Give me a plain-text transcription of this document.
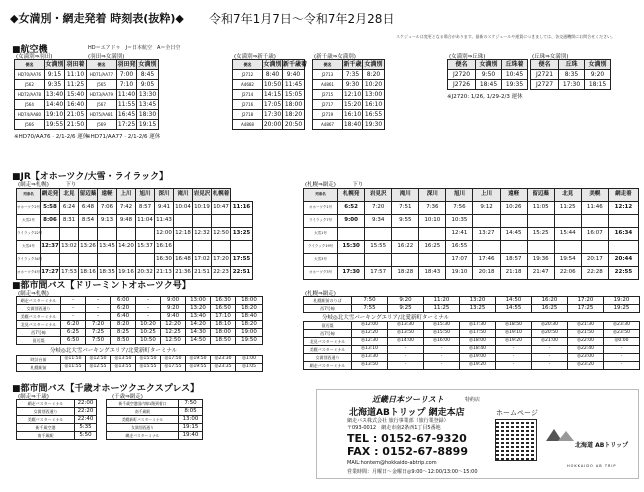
◆女満別・網走発着 時刻表(抜粋)◆ 令和7年1月7日～令和7年2月28日
スケジュールは変更となる場合があります。最新のスケジュールや運賃につきましては、各交通機関にお問合せください。
■航空機	HD＝エアドゥ　J＝日本航空　A＝全日空
(女満別⇒羽田)
便名	女満別	羽田着
HD70/AA76	9:15	11:10
J562	9:35	11:25
HD72/AA78	13:40	15:40
J564	14:40	16:40
HD74/AA80	19:10	21:05
J566	19:55	21:50
※HD70/AA76 · 2/1-2/6 運休
(羽田⇒女満別)
便名	羽田発	女満別
HD71/AA77	7:00	8:45
J565	7:10	9:05
HD73/AA79	11:40	13:30
J567	11:55	13:45
HD75/AA81	16:45	18:30
J569	17:25	19:15
※HD71/AA77 · 2/1-2/6 運休
(女満別⇒新千歳)
便名	女満別	新千歳着
J2712	8:40	9:40
A4682	10:50	11:45
J2714	14:15	15:05
J2716	17:05	18:00
J2718	17:30	18:20
A4868	20:00	20:50
(新千歳⇒女満別)
便名	新千歳	女満別
J2713	7:35	8:20
A4861	9:30	10:20
J2715	12:10	13:00
J2717	15:20	16:10
J2719	16:10	16:55
A4867	18:40	19:30
(女満別⇒丘珠)
便名	女満別	丘珠着
J2720	9:50	10:45
J2726	18:45	19:35
※J2720: 1/26, 1/29-2/3 運休
(丘珠⇒女満別)
便名	丘珠	女満別
J2721	8:35	9:20
J2727	17:30	18:15
■JR【オホーツク/大雪・ライラック】
(網走⇒札幌)　　　下り
列車名	網走発	北見	留辺蘂	遠軽	上川	旭川	深川	滝川	岩見沢	札幌着	
オホーツク2号	5:58	6:24	6:48	7:06	7:42	8:57	9:41	10:04	10:19	10:47	11:16
大雪2号	8:06	8:31	8:54	9:13	9:48	11:04	11:43				
ライラック22号							12:00	12:18	12:32	12:50	13:25
大雪4号	12:37	13:02	13:26	13:45	14:20	15:37	16:16				
ライラック34号							16:30	16:48	17:02	17:20	17:55
オホーツク4号	17:27	17:53	18:16	18:35	19:16	20:32	21:13	21:36	21:51	22:23	22:51
(札幌⇒網走)　　　下り
列車名	札幌発	岩見沢	滝川	深川	旭川	上川	遠軽	留辺蘂	北見	美幌	網走着
オホーツク1号	6:52	7:20	7:51	7:36	7:56	9:12	10:26	11:05	11:25	11:46	12:12
ライラック7号	9:00	9:34	9:55	10:10	10:35						
大雪1号					12:41	13:27	14:45	15:25	15:44	16:07	16:34
ライラック19号	15:30	15:55	16:22	16:25	16:55						
大雪3号					17:07	17:46	18:57	19:36	19:54	20:17	20:44
オホーツク3号	17:30	17:57	18:28	18:43	19:10	20:18	21:18	21:47	22:06	22:28	22:55
■都市間バス【ドリーミントオホーツク号】
(網走⇒札幌)
網走バスターミナル	-	-	6:00	-	9:00	13:00	16:30	18:00
女満別西通り	-	-	6:20	-	9:20	13:20	16:50	18:20
美幌バスターミナル	-	-	6:40	-	9:40	13:40	17:10	18:40
北見バスターミナル	6:20	7:20	8:20	10:20	12:20	14:20	18:10	18:20
西7号線	6:25	7:25	8:25	10:25	12:25	14:30	18:00	19:00
留辺蘂	6:50	7:50	8:50	10:50	12:50	14:50	18:50	19:50
分岐◎北大雪パーキングエリア/北愛新町ターミナル
時計台前	◎11:50	◎12:50	◎13:50	◎15:50	◎17:50	◎19:50	◎23:30	◎1:00
札幌駅前	◎11:55	◎12:55	◎13:55	◎15:55	◎17:55	◎19:55	◎23:35	◎1:05
(札幌⇒網走)
札幌駅前のりば	7:50	9:20	11:20	13:20	14:50	16:20	17:20	19:20
西7号線	7:55	9:25	11:25	13:25	14:55	16:25	17:25	19:25
分岐◎北大雪パーキングエリア/北愛新町ターミナル
留辺蘂	◎12:00	◎13:30	◎15:30	◎17:30	◎18:50	◎20:30	◎21:30	◎23:30
西7号線	◎12:20	◎13:50	◎15:50	◎17:50	◎19:10	◎20:50	◎21:50	◎23:50
北見バスターミナル	◎12:30	◎14:00	◎16:00	◎18:00	◎19:20	◎21:00	◎22:00	◎0:00
美幌バスターミナル	◎13:10	-	-	◎18:40	-	-	◎22:40	-
女満別西通り	◎13:30	-	-	◎19:00	-	-	◎23:00	-
網走バスターミナル	◎13:50	-	-	◎19:20	-	-	◎23:20	-
■都市間バス【千歳オホーツクエクスプレス】
(網走⇒千歳)
網走バスターミナル	22:00
女満別西通り	22:20
美幌バスターミナル	22:40
新千歳空港	5:35
南千歳駅	5:50
(千歳⇒網走)
新千歳空港国内線1階到着口	7:50
南千歳駅	8:05
美幌新町バスターミナル	13:00
女満別西通り	19:15
網走バスターミナル	19:40
近畿日本ツーリスト	特約店
北海道ABトリップ 網走本店
網走バス株式会社 旅行事業部（旅行業登録）
〒093-0012　網走市南2条西1丁目5番地
TEL : 0152-67-9320
FAX : 0152-67-8899
MAIL:hontem@hokkaido-abtrip.com
営業時間：月曜日～金曜日◎9:00～12:00/13:00～15:00
ホームページ
北海道 ABトリップ
HOKKAIDO AB TRIP
